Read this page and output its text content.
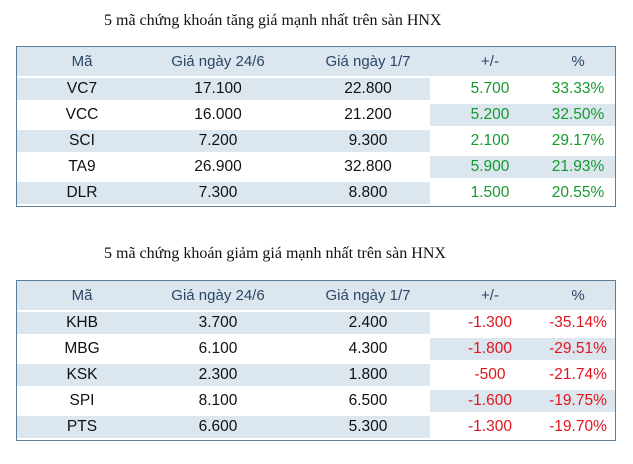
5 mã chứng khoán tăng giá mạnh nhất trên sàn HNX
Mã	Giá ngày 24/6	Giá ngày 1/7	+/-	%
VC7	17.100	22.800	5.700	33.33%
VCC	16.000	21.200	5.200	32.50%
SCI	7.200	9.300	2.100	29.17%
TA9	26.900	32.800	5.900	21.93%
DLR	7.300	8.800	1.500	20.55%
5 mã chứng khoán giảm giá mạnh nhất trên sàn HNX
Mã	Giá ngày 24/6	Giá ngày 1/7	+/-	%
KHB	3.700	2.400	-1.300	-35.14%
MBG	6.100	4.300	-1.800	-29.51%
KSK	2.300	1.800	-500	-21.74%
SPI	8.100	6.500	-1.600	-19.75%
PTS	6.600	5.300	-1.300	-19.70%
